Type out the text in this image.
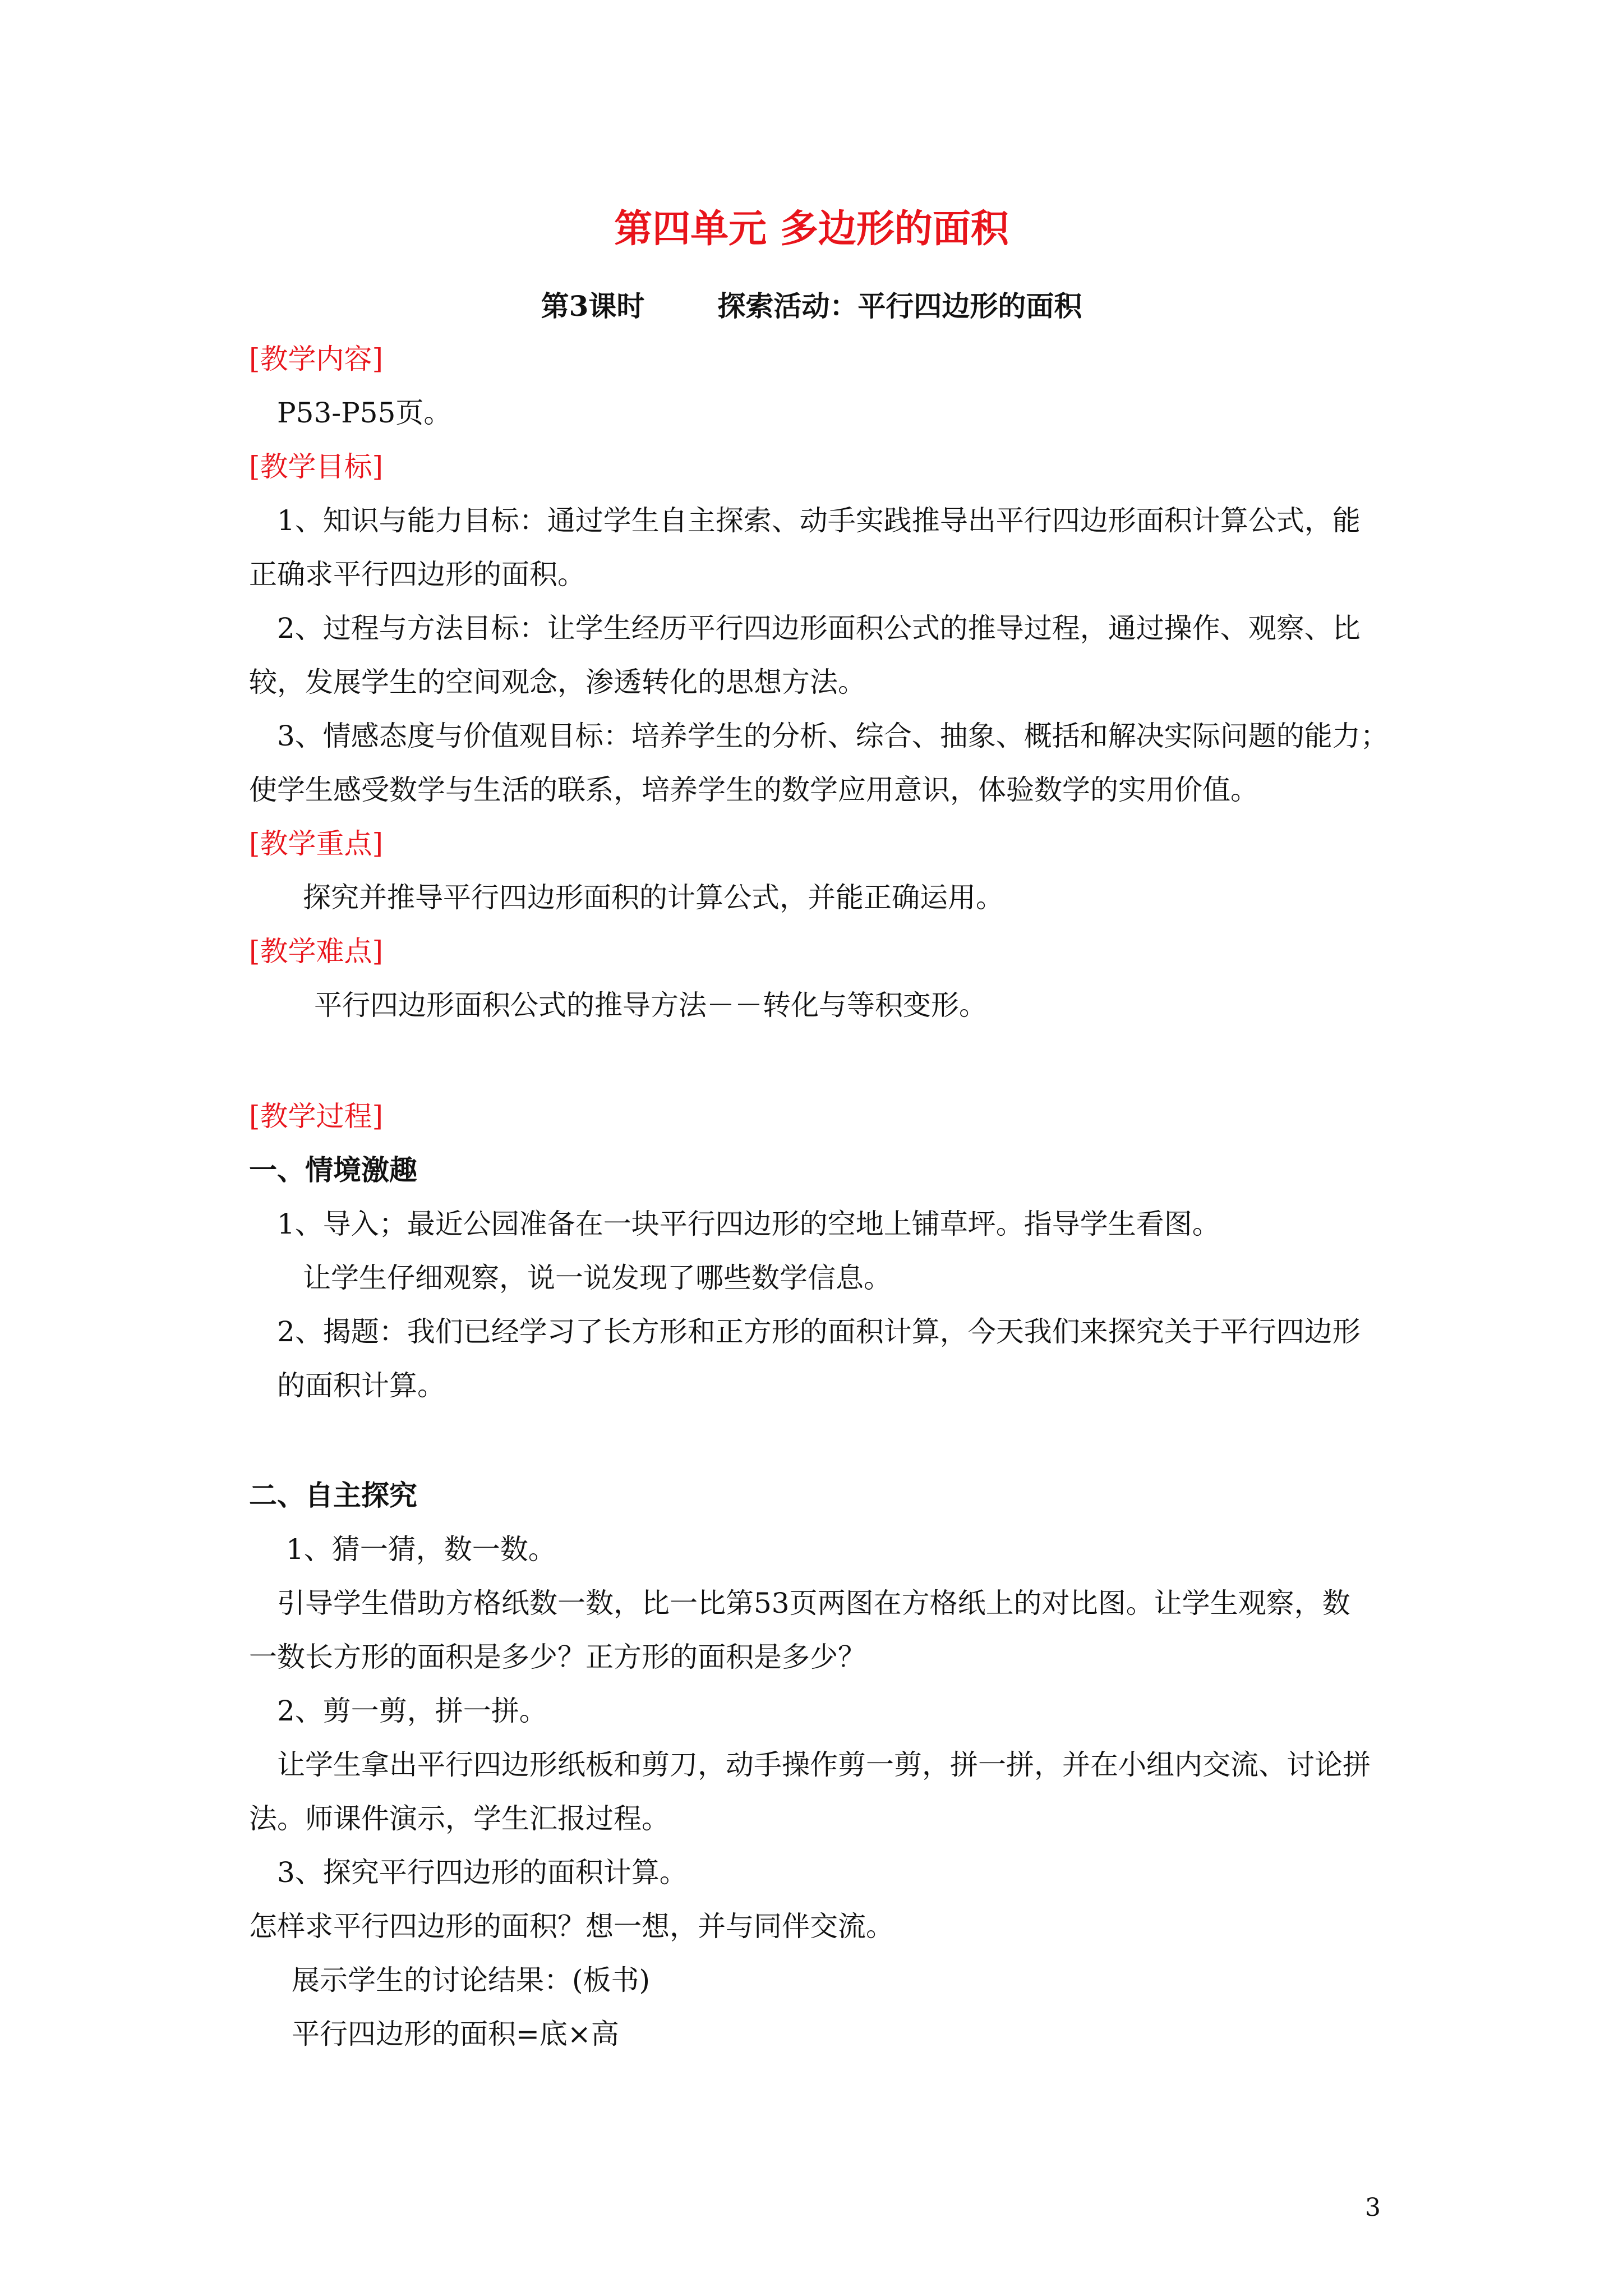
第四单元 多边形的面积
第3课时	探索活动：平行四边形的面积
[教学内容]
P53-P55页。
[教学目标]
1、知识与能力目标：通过学生自主探索、动手实践推导出平行四边形面积计算公式，能
正确求平行四边形的面积。
2、过程与方法目标：让学生经历平行四边形面积公式的推导过程，通过操作、观察、比
较，发展学生的空间观念，渗透转化的思想方法。
3、情感态度与价值观目标：培养学生的分析、综合、抽象、概括和解决实际问题的能力；
使学生感受数学与生活的联系，培养学生的数学应用意识，体验数学的实用价值。
[教学重点]
探究并推导平行四边形面积的计算公式，并能正确运用。
[教学难点]
平行四边形面积公式的推导方法－－转化与等积变形。
[教学过程]
一、情境激趣
1、导入；最近公园准备在一块平行四边形的空地上铺草坪。指导学生看图。
让学生仔细观察，说一说发现了哪些数学信息。
2、揭题：我们已经学习了长方形和正方形的面积计算，今天我们来探究关于平行四边形
的面积计算。
二、自主探究
1、猜一猜，数一数。
引导学生借助方格纸数一数，比一比第53页两图在方格纸上的对比图。让学生观察，数
一数长方形的面积是多少？正方形的面积是多少？
2、剪一剪，拼一拼。
让学生拿出平行四边形纸板和剪刀，动手操作剪一剪，拼一拼，并在小组内交流、讨论拼
法。师课件演示，学生汇报过程。
3、探究平行四边形的面积计算。
怎样求平行四边形的面积？想一想，并与同伴交流。
展示学生的讨论结果：(板书)
平行四边形的面积=底×高
3
